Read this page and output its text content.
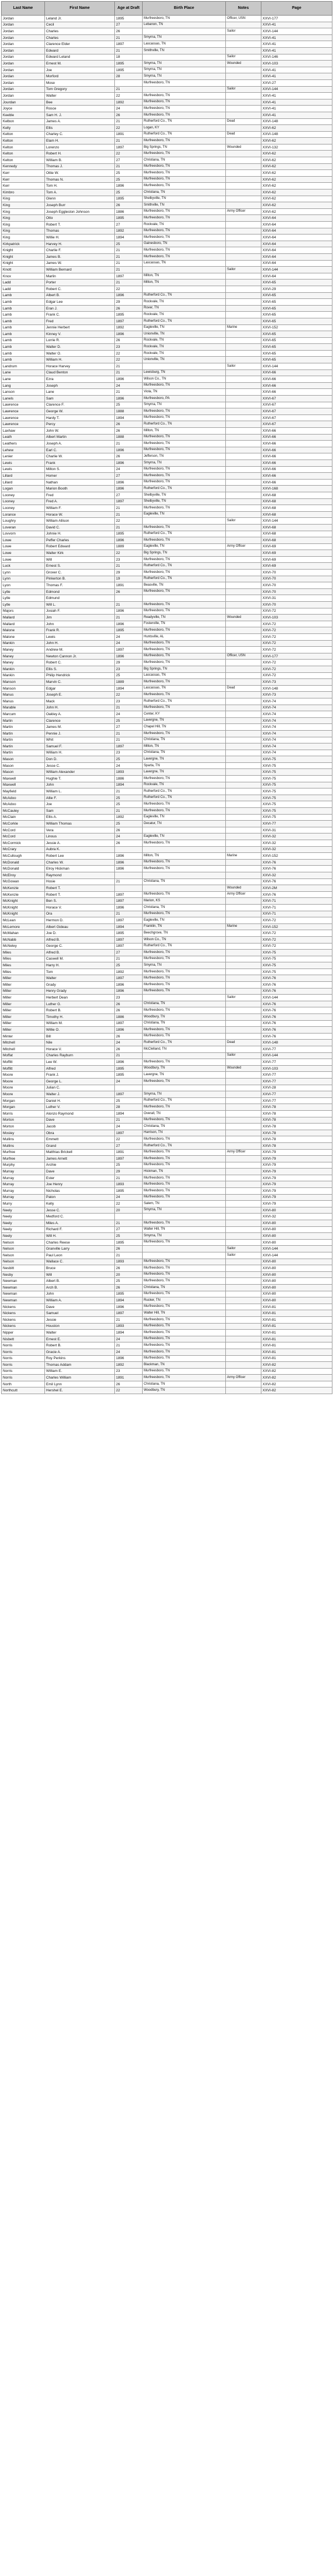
Last Name	First Name	Age at Draft	Birth Place	Notes	Page
Jordan	Leland Jr.	1895	Murfreesboro, TN	Officer, USN	XXVI-177
Jordan	Cecil	27	Lebanon, TN		XXVI-41
Jordan	Charles	26		Sailor	XXVI-144
Jordan	Charles	21	Smyrna, TN		XXVI-41
Jordan	Clarence Elder	1897	Lascassas, TN		XXVI-41
Jordan	Edward	21	Smithville, TN		XXVI-41
Jordan	Edward Leland	18		Sailor	XXVI-146
Jordan	Ernest M.	1895	Smyrna, TN	Wounded	XXVI-103
Jordan	Joe	1895	Smyrna, TN		XXVI-41
Jordan	Morford	28	Smyrna, TN		XXVI-41
Jordan	Mose		Murfreesboro, TN		XXVI-27
Jordan	Tom Gregory	21		Sailor	XXVI-144
Jordan	Walter	22	Murfreesboro, TN		XXVI-41
Jourdan	Bee	1892	Murfreesboro, TN		XXVI-41
Joyce	Rosce	24	Murfreesboro, TN		XXVI-41
Keeble	Sam H. J.	26	Murfreesboro, TN		XXVI-41
Kelbon	James A.	21	Rutherford Co., TN	Dead	XXVI-148
Kelly	Ellis	22	Logan, KY		XXVI-62
Kelton	Charley C.	1891	Rutherford Co., TN	Dead	XXVI-148
Kelton	Elam H.	21	Murfreesboro, TN		XXVI-62
Kelton	Lorenzo	1897	Big Springs, TN	Wounded	XXVI-132
Kelton	Robert H.	22	Murfreesboro, TN		XXVI-62
Kelton	William B.	27	Christiana, TN		XXVI-62
Kennedy	Thomas J.	21	Murfreesboro, TN		XXVI-62
Kerr	Ottie W.	25	Murfreesboro, TN		XXVI-62
Kerr	Thomas N.	25	Murfreesboro, TN		XXVI-62
Kerr	Tom H.	1896	Murfreesboro, TN		XXVI-62
Kimbro	Tom A.	25	Christiana, TN		XXVI-62
King	Glenn	1895	Shelbyville, TN		XXVI-62
King	Joseph Burr	26	Smithville, TN		XXVI-62
King	Joseph Eggleston Johnson	1886	Murfreesboro, TN	Army Officer	XXVI-62
King	Otto	1895	Murfreesboro, TN		XXVI-64
King	Robert T.	27	Rockvale, TN		XXVI-64
King	Thomas	1892	Murfreesboro, TN		XXVI-64
King	Willie H.	1894	Murfreesboro, TN		XXVI-64
Kirkpatrick	Harvey H.	25	Gainesboro, TN		XXVI-64
Knight	Charlie F.	21	Murfreesboro, TN		XXVI-64
Knight	James B.	21	Murfreesboro, TN		XXVI-64
Knight	James W.	21	Lascassas, TN		XXVI-64
Knott	William Bernard	21		Sailor	XXVI-144
Knox	Marlin	1897	Milton, TN		XXVI-64
Ladd	Porter	21	Milton, TN		XXVI-65
Ladd	Robert C.	22			XXVI-29
Lamb	Albert B.	1896	Rutherford Co., TN		XXVI-65
Lamb	Edgar Lee	29	Rockvale, TN		XXVI-65
Lamb	Eran J.	26	Rover, TN		XXVI-65
Lamb	Frank C.	1895	Rockvale, TN		XXVI-65
Lamb	Fred	1897	Rutherford Co., TN		XXVI-65
Lamb	Jennie Herbert	1892	Eagleville, TN	Marine	XXVI-152
Lamb	Kinney V.	1896	Unionville, TN		XXVI-65
Lamb	Lorrie R.	26	Rockvale, TN		XXVI-65
Lamb	Walter D.	23	Rockvale, TN		XXVI-65
Lamb	Walter O.	22	Rockvale, TN		XXVI-65
Lamb	William H.	22	Unionville, TN		XXVI-65
Landrum	Horace Harvey	21		Sailor	XXVI-144
Lane	Claud Benton	21	Lewisburg, TN		XXVI-66
Lane	Ezra	1896	Wilson Co., TN		XXVI-66
Lang	Joseph	24	Murfreesboro, TN		XXVI-66
Lanson	Lane	21	Viola, TN		XXVI-66
Lanels	Sam	1896	Murfreesboro, PA		XXVI-67
Lawrence	Clarence F.	25	Smyrna, TN		XXVI-67
Lawrence	George W.	1888	Murfreesboro, TN		XXVI-67
Lawrence	Hardy T.	1894	Murfreesboro, TN		XXVI-67
Lawrence	Percy	26	Rutherford Co., TN		XXVI-67
Laxhaw	John W.	26	Milton, TN		XXVI-66
Leath	Albert Martin	1888	Murfreesboro, TN		XXVI-66
Leathers	Joseph A.	21	Murfreesboro, TN		XXVI-66
Lehew	Earl C.	1896	Murfreesboro, TN		XXVI-66
Lenier	Charlie W.	26	Jefferson, TN		XXVI-66
Lewis	Frank	1896	Smyrna, TN		XXVI-66
Lewis	Milton S.	24	Murfreesboro, TN		XXVI-66
Lillard	Homer	27	Murfreesboro, TN		XXVI-66
Lillard	Nathan	1896	Murfreesboro, TN		XXVI-66
Logan	Marion Booth	1896	Rutherford Co., TN		XXVI-168
Looney	Fred	27	Shelbyville, TN		XXVI-68
Looney	Fred A.	1897	Shelbyville, TN		XXVI-68
Looney	William F.	21	Murfreesboro, TN		XXVI-68
Lorance	Horace W.	21	Eagleville, TN		XXVI-68
Loughry	William Allison	22		Sailor	XXVI-144
Loveran	David C.	21	Murfreesboro, TN		XXVI-68
Lovvorn	Johnie H.	1895	Rutherford Co., TN		XXVI-68
Lowe	Peffer Charles	1896	Murfreesboro, TN		XXVI-68
Lowe	Robert Edward	1889	Eagleville, TN	Army Officer	XXVI-69
Lowe	Walter Kirk	22	Big Springs, TN		XXVI-69
Lowe	Will	23	Murfreesboro, TN		XXVI-69
Luck	Ernest S.	21	Rutherford Co., TN		XXVI-69
Lynn	Grover C.	29	Murfreesboro, TN		XXVI-70
Lynn	Pinkerton B.	19	Rutherford Co., TN		XXVI-70
Lyon	Thomas F.	1891	Beasville, TN		XXVI-70
Lytle	Edmond	26	Murfreesboro, TN		XXVI-70
Lytle	Edmund				XXVI-31
Lytle	Will L.	21	Murfreesboro, TN		XXVI-70
Majors	Josiah F.	1896	Murfreesboro, TN		XXVI-72
Mallard	Jim	21	Readyville, TN	Wounded	XXVI-103
Mallard	John	1896	Fosterville, TN		XXVI-72
Malone	Frank R.	1895	Murfreesboro, TN		XXVI-72
Malone	Lewis	24	Huntsville, AL		XXVI-72
Mankin	John H.	24	Murfreesboro, TN		XXVI-72
Maney	Andrew M.	1897	Murfreesboro, TN		XXVI-72
Maney	Newton Cannon Jr.	1896	Murfreesboro, TN	Officer, USN	XXVI-177
Maney	Robert C.	29	Murfreesboro, TN		XXVI-72
Mankin	Ellis S.	23	Big Springs, TN		XXVI-72
Mankin	Philip Hendrick	25	Lascassas, TN		XXVI-72
Manson	Marvin C.	1889	Murfreesboro, TN		XXVI-73
Manson	Edgar	1894	Lascassas, TN	Dead	XXVI-148
Manus	Joseph E.	22	Murfreesboro, TN		XXVI-73
Manus	Mack	23	Rutherford Co., TN		XXVI-74
Marable	John H.	21	Murfreesboro, TN		XXVI-74
Marcum	Oakley A.	24	Center, KY		XXVI-74
Marlin	Clarence	25	Lavergne, TN		XXVI-74
Martin	James M.	27	Chapel Hill, TN		XXVI-74
Martin	Pennie J.	21	Murfreesboro, TN		XXVI-74
Martin	Whit	21	Christiana, TN		XXVI-74
Martin	Samuel F.	1897	Milton, TN		XXVI-74
Martin	William H.	23	Christiana, TN		XXVI-74
Mason	Don D.	25	Lavergne, TN		XXVI-75
Mason	Jesse C.	24	Sparta, TN		XXVI-75
Mason	William Alexander	1893	Lavergne, TN		XXVI-75
Maxwell	Hughie T.	1886	Murfreesboro, TN		XXVI-75
Maxwell	John	1894	Rockvale, TN		XXVI-75
Mayfield	William L.	21	Rutherford Co., TN		XXVI-75
McAdoo	Allie F.	25	Rutherford Co., TN		XXVI-75
McAdoo	Joe	25	Murfreesboro, TN		XXVI-75
McCauley	Sam	21	Murfreesboro, TN		XXVI-75
McClain	Ellis A.	1892	Eagleville, TN		XXVI-75
McCorkle	William Thomas	25	Decatur, TN		XXVI-77
McCord	Vera	26			XXVI-31
McCord	Linous	24	Eagleville, TN		XXVI-32
McCormick	Jessie A.	26	Murfreesboro, TN		XXVI-32
McCrary	Aubra K.				XXVI-32
McCullough	Robert Lee	1896	Milton, TN	Marine	XXVI-152
McDonald	Charles W.	1896	Murfreesboro, TN		XXVI-76
McDonald	Elroy Hickman	1896	Murfreesboro, TN		XXVI-76
McElroy	Raymond				XXVI-32
McGowan	Hosie	21	Christiana, TN		XXVI-76
McKenzie	Robert T.			Wounded	XXVI-2M
McKenzie	Robert T.	1897	Murfreesboro, TN	Army Officer	XXVI-76
McKnight	Ben S.	1897	Marion, KS		XXVI-71
McKnight	Horace V.	1896	Christiana, TN		XXVI-71
McKnight	Ora	21	Murfreesboro, TN		XXVI-71
McLean	Hermon D.	1897	Eagleville, TN		XXVI-72
McLemore	Albert Gideau	1894	Franklin, TN	Marine	XXVI-152
McMahan	Joe D.	1895	Beechgrove, TN		XXVI-72
McNabb	Alfred B.	1897	Wilson Co., TN		XXVI-72
McNeley	George C.	1897	Rutherford Co., TN		XXVI-72
Miles	Alfred B.	27	Murfreesboro, TN		XXVI-75
Miles	Caswell M.	21	Murfreesboro, TN		XXVI-75
Miles	Harry H.	25	Smyrna, TN		XXVI-75
Miles	Tom	1892	Murfreesboro, TN		XXVI-75
Miller	Walter	1897	Murfreesboro, TN		XXVI-76
Miller	Grady	1896	Murfreesboro, TN		XXVI-76
Miller	Henry Grady	1896	Murfreesboro, TN		XXVI-76
Miller	Herbert Dean	23		Sailor	XXVI-144
Miller	Luther G.	26	Christiana, TN		XXVI-76
Miller	Robert B.	26	Murfreesboro, TN		XXVI-76
Miller	Timothy H.	1886	Woodbury, TN		XXVI-76
Miller	William M.	1897	Christiana, TN		XXVI-76
Miller	Willie O.	1896	Murfreesboro, TN		XXVI-76
Minter	Bill	26	Murfreesboro, TN		XXVI-76
Mitchell	Nile	24	Rutherford Co., TN	Dead	XXVI-148
Mitchell	Horace V.	26	McClelland, TN		XXVI-77
Moffat	Charles Rayburn	21		Sailor	XXVI-144
Moffitt	Lee W.	1896	Murfreesboro, TN		XXVI-77
Moffitt	Alfred	1895	Woodbury, TN	Wounded	XXVI-103
Moore	Frank J.	1895	Lavergne, TN		XXVI-77
Moore	George L.	24	Murfreesboro, TN		XXVI-77
Moore	Julian C.				XXVI-28
Moore	Walter J.	1897	Smyrna, TN		XXVI-77
Morgan	Daniel H.	25	Rutherford Co., TN		XXVI-77
Morgan	Luther V.	28	Murfreesboro, TN		XXVI-78
Morris	Alonzo Raymond	1894	Overall, TN		XXVI-78
Morton	Dave	21	Murfreesboro, TN		XXVI-78
Morton	Jacob	24	Christiana, TN		XXVI-78
Mosley	Obra	1897	Harrison, TN		XXVI-78
Mullins	Emmett	22	Murfreesboro, TN		XXVI-78
Mullins	Grand	27	Rutherford Co., TN		XXVI-78
Murfree	Matthias Brickell	1891	Murfreesboro, TN	Army Officer	XXVI-79
Murfree	James Arnett	1897	Murfreesboro, TN		XXVI-79
Murphy	Archie	25	Murfreesboro, TN		XXVI-79
Murray	Dave	29	Hickman, TN		XXVI-79
Murray	Ester	21	Murfreesboro, TN		XXVI-79
Murray	Joe Henry	1893	Murfreesboro, TN		XXVI-79
Murray	Nicholas	1895	Murfreesboro, TN		XXVI-79
Murray	Paton	24	Murfreesboro, TN		XXVI-79
Murry	Kelly	22	Salem, TN		XXVI-79
Neely	Jesse C.	20	Smyrna, TN		XXVI-80
Neely	Medford C.				XXVI-32
Neely	Miles A.	21	Murfreesboro, TN		XXVI-80
Neely	Richard F.	27	Walter Hill, TN		XXVI-80
Neely	Will H.	25	Smyrna, TN		XXVI-80
Nelson	Charles Reese	1895	Murfreesboro, TN		XXVI-80
Nelson	Granville Larry	26		Sailor	XXVI-144
Nelson	Paul Leon	21		Sailor	XXVI-144
Nelson	Wallace C.	1893	Murfreesboro, TN		XXVI-80
Nesbitt	Bruce	26	Murfreesboro, TN		XXVI-80
Nesby	Will	20	Murfreesboro, TN		XXVI-80
Newman	Albert B.	25	Murfreesboro, TN		XXVI-80
Newman	Arch B.	26	Christiana, TN		XXVI-80
Newman	John	1895	Murfreesboro, TN		XXVI-80
Newman	William A.	1894	Rucker, TN		XXVI-80
Nickens	Dave	1896	Murfreesboro, TN		XXVI-81
Nickens	Samuel	1897	Walter Hill, TN		XXVI-81
Nickens	Jessie	21	Murfreesboro, TN		XXVI-81
Nickens	Houston	1893	Murfreesboro, TN		XXVI-81
Nipper	Walter	1894	Murfreesboro, TN		XXVI-81
Nisbett	Ernest E.	24	Murfreesboro, TN		XXVI-81
Norris	Robert B.	21	Murfreesboro, TN		XXVI-81
Norris	Gracie A.	24	Murfreesboro, TN		XXVI-81
Norris	Roy Perkins	1896	Murfreesboro, TN		XXVI-81
Norris	Thomas Addam	1892	Blackman, TN		XXVI-82
Norris	William E.	23	Murfreesboro, TN		XXVI-82
Norris	Charles William	1891	Murfreesboro, TN	Army Officer	XXVI-82
North	Emil Lynn	26	Christiana, TN		XXVI-82
Northcutt	Hershel E.	22	Woodbury, TN		XXVI-82
